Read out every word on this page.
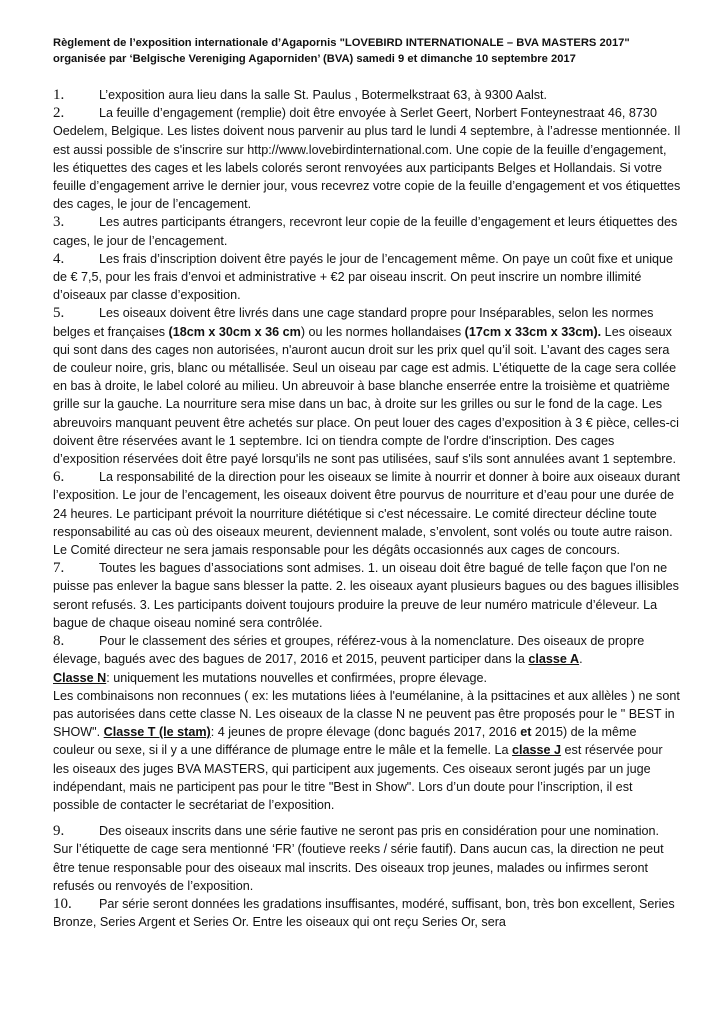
Règlement de l’exposition internationale d’Agapornis "LOVEBIRD INTERNATIONALE – BVA MASTERS 2017"

organisée par ‘Belgische Vereniging Agaporniden’ (BVA) samedi 9 et dimanche 10 septembre 2017

1.	L’exposition aura lieu dans la salle St. Paulus , Botermelkstraat 63, à 9300 Aalst.

2.	La feuille d’engagement (remplie) doit être envoyée à Serlet Geert, Norbert Fonteynestraat 46, 8730 Oedelem, Belgique. Les listes doivent nous parvenir au plus tard le lundi 4 septembre, à l’adresse mentionnée. Il est aussi possible de s'inscrire sur http://www.lovebirdinternational.com. Une copie de la feuille d’engagement, les étiquettes des cages et les labels colorés seront renvoyées aux participants Belges et Hollandais. Si votre feuille d’engagement arrive le dernier jour, vous recevrez votre copie de la feuille d’engagement et vos étiquettes des cages, le jour de l’encagement.

3.	Les autres participants étrangers, recevront leur copie de la feuille d’engagement et leurs étiquettes des cages, le jour de l’encagement.

4.	Les frais d’inscription doivent être payés le jour de l’encagement même. On paye un coût fixe et unique de € 7,5, pour les frais d’envoi et administrative + €2 par oiseau inscrit. On peut inscrire un nombre illimité d’oiseaux par classe d’exposition.

5.	Les oiseaux doivent être livrés dans une cage standard propre pour Inséparables, selon les normes belges et françaises (18cm x 30cm x 36 cm) ou les normes hollandaises (17cm x 33cm x 33cm). Les oiseaux qui sont dans des cages non autorisées, n'auront aucun droit sur les prix quel qu’il soit. L’avant des cages sera de couleur noire, gris, blanc ou métallisée. Seul un oiseau par cage est admis. L’étiquette de la cage sera collée en bas à droite, le label coloré au milieu. Un abreuvoir à base blanche enserrée entre la troisième et quatrième grille sur la gauche. La nourriture sera mise dans un bac, à droite sur les grilles ou sur le fond de la cage. Les abreuvoirs manquant peuvent être achetés sur place. On peut louer des cages d’exposition à 3 € pièce, celles-ci doivent être réservées avant le 1 septembre. Ici on tiendra compte de l'ordre d'inscription. Des cages d’exposition réservées doit être payé lorsqu'ils ne sont pas utilisées, sauf s'ils sont annulées avant 1 septembre.

6.	La responsabilité de la direction pour les oiseaux se limite à nourrir et donner à boire aux oiseaux durant l’exposition. Le jour de l’encagement, les oiseaux doivent être pourvus de nourriture et d’eau pour une durée de 24 heures. Le participant prévoit la nourriture diététique si c'est nécessaire. Le comité directeur décline toute responsabilité au cas où des oiseaux meurent, deviennent malade, s’envolent, sont volés ou toute autre raison. Le Comité directeur ne sera jamais responsable pour les dégâts occasionnés aux cages de concours.

7.	Toutes les bagues d’associations sont admises. 1. un oiseau doit être bagué de telle façon que l'on ne puisse pas enlever la bague sans blesser la patte. 2. les oiseaux ayant plusieurs bagues ou des bagues illisibles seront refusés. 3. Les participants doivent toujours produire la preuve de leur numéro matricule d’éleveur. La bague de chaque oiseau nominé sera contrôlée.

8.	Pour le classement des séries et groupes, référez-vous à la nomenclature. Des oiseaux de propre élevage, bagués avec des bagues de 2017, 2016 et 2015, peuvent participer dans la classe A.
Classe N: uniquement les mutations nouvelles et confirmées, propre élevage.
Les combinaisons non reconnues ( ex: les mutations liées à l'eumélanine, à la psittacines et aux allèles ) ne sont pas autorisées dans cette classe N. Les oiseaux de la classe N ne peuvent pas être proposés pour le " BEST in SHOW". Classe T (le stam): 4 jeunes de propre élevage (donc bagués 2017, 2016 et 2015) de la même couleur ou sexe, si il y a une différance de plumage entre le mâle et la femelle. La classe J est réservée pour les oiseaux des juges BVA MASTERS, qui participent aux jugements. Ces oiseaux seront jugés par un juge indépendant, mais ne participent pas pour le titre "Best in Show". Lors d’un doute pour l’inscription, il est possible de contacter le secrétariat de l’exposition.

9.	Des oiseaux inscrits dans une série fautive ne seront pas pris en considération pour une nomination. Sur l’étiquette de cage sera mentionné ‘FR’ (foutieve reeks / série fautif). Dans aucun cas, la direction ne peut être tenue responsable pour des oiseaux mal inscrits. Des oiseaux trop jeunes, malades ou infirmes seront refusés ou renvoyés de l’exposition.

10. Par série seront données les gradations insuffisantes, modéré, suffisant, bon, très bon excellent, Series Bronze, Series Argent et Series Or. Entre les oiseaux qui ont reçu Series Or, sera
